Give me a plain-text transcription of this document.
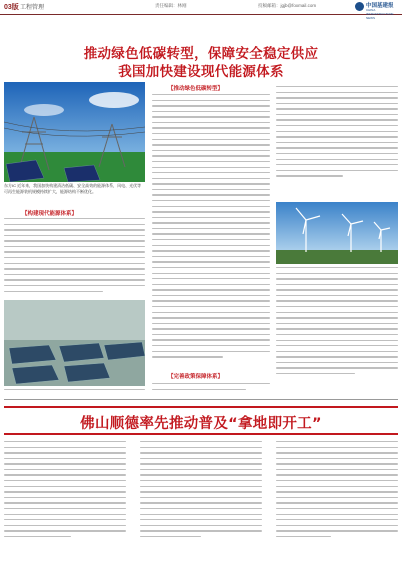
03版 工程管理	责任编辑：林刚	投稿邮箱：jgjb@foxmail.com	中国基建报
CHINA INFRASTRUCTURE NEWS
推动绿色低碳转型，保障安全稳定供应
我国加快建设现代能源体系
东方IC 近年来，我国加快构建清洁低碳、安全高效的能源体系，风电、光伏等可再生能源装机规模持续扩大，能源结构不断优化。
【构建现代能源体系】
【推动绿色低碳转型】
【完善政策保障体系】
佛山顺德率先推动普及“拿地即开工”
